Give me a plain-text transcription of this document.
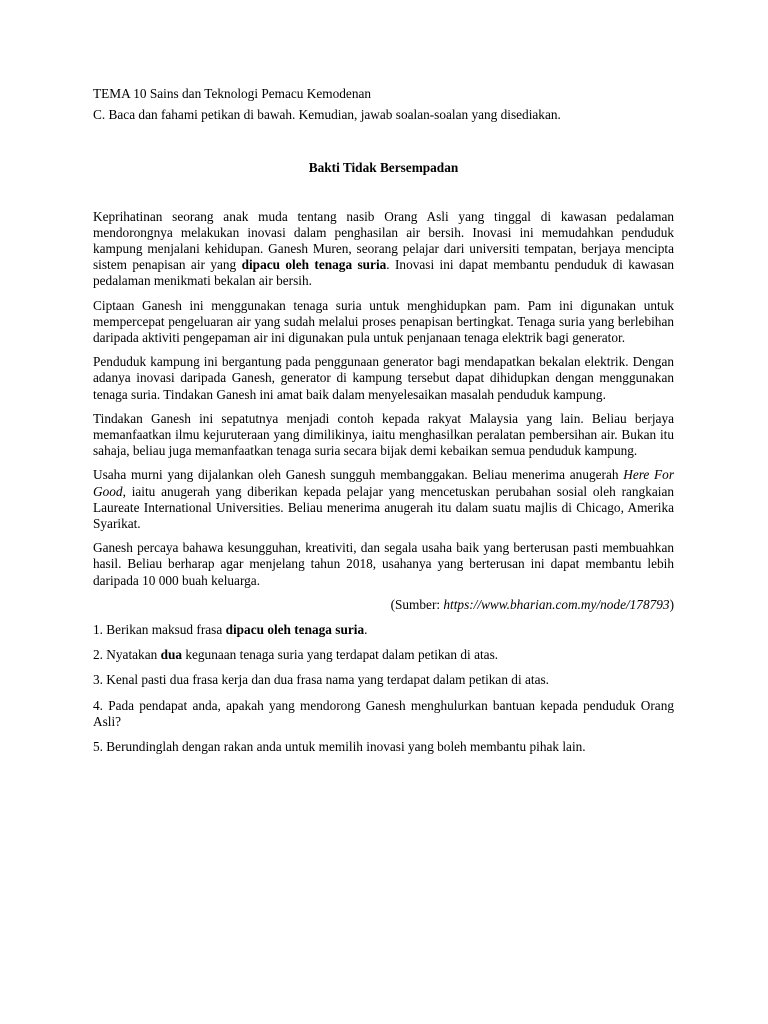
TEMA 10 Sains dan Teknologi Pemacu Kemodenan

C. Baca dan fahami petikan di bawah. Kemudian, jawab soalan-soalan yang disediakan.

Bakti Tidak Bersempadan

Keprihatinan seorang anak muda tentang nasib Orang Asli yang tinggal di kawasan pedalaman mendorongnya melakukan inovasi dalam penghasilan air bersih. Inovasi ini memudahkan penduduk kampung menjalani kehidupan. Ganesh Muren, seorang pelajar dari universiti tempatan, berjaya mencipta sistem penapisan air yang dipacu oleh tenaga suria. Inovasi ini dapat membantu penduduk di kawasan pedalaman menikmati bekalan air bersih.

Ciptaan Ganesh ini menggunakan tenaga suria untuk menghidupkan pam. Pam ini digunakan untuk mempercepat pengeluaran air yang sudah melalui proses penapisan bertingkat. Tenaga suria yang berlebihan daripada aktiviti pengepaman air ini digunakan pula untuk penjanaan tenaga elektrik bagi generator.

Penduduk kampung ini bergantung pada penggunaan generator bagi mendapatkan bekalan elektrik. Dengan adanya inovasi daripada Ganesh, generator di kampung tersebut dapat dihidupkan dengan menggunakan tenaga suria. Tindakan Ganesh ini amat baik dalam menyelesaikan masalah penduduk kampung.

Tindakan Ganesh ini sepatutnya menjadi contoh kepada rakyat Malaysia yang lain. Beliau berjaya memanfaatkan ilmu kejuruteraan yang dimilikinya, iaitu menghasilkan peralatan pembersihan air. Bukan itu sahaja, beliau juga memanfaatkan tenaga suria secara bijak demi kebaikan semua penduduk kampung.

Usaha murni yang dijalankan oleh Ganesh sungguh membanggakan. Beliau menerima anugerah Here For Good, iaitu anugerah yang diberikan kepada pelajar yang mencetuskan perubahan sosial oleh rangkaian Laureate International Universities. Beliau menerima anugerah itu dalam suatu majlis di Chicago, Amerika Syarikat.

Ganesh percaya bahawa kesungguhan, kreativiti, dan segala usaha baik yang berterusan pasti membuahkan hasil. Beliau berharap agar menjelang tahun 2018, usahanya yang berterusan ini dapat membantu lebih daripada 10 000 buah keluarga.

(Sumber: https://www.bharian.com.my/node/178793)

1. Berikan maksud frasa dipacu oleh tenaga suria.

2. Nyatakan dua kegunaan tenaga suria yang terdapat dalam petikan di atas.

3. Kenal pasti dua frasa kerja dan dua frasa nama yang terdapat dalam petikan di atas.

4. Pada pendapat anda, apakah yang mendorong Ganesh menghulurkan bantuan kepada penduduk Orang Asli?

5. Berundinglah dengan rakan anda untuk memilih inovasi yang boleh membantu pihak lain.
